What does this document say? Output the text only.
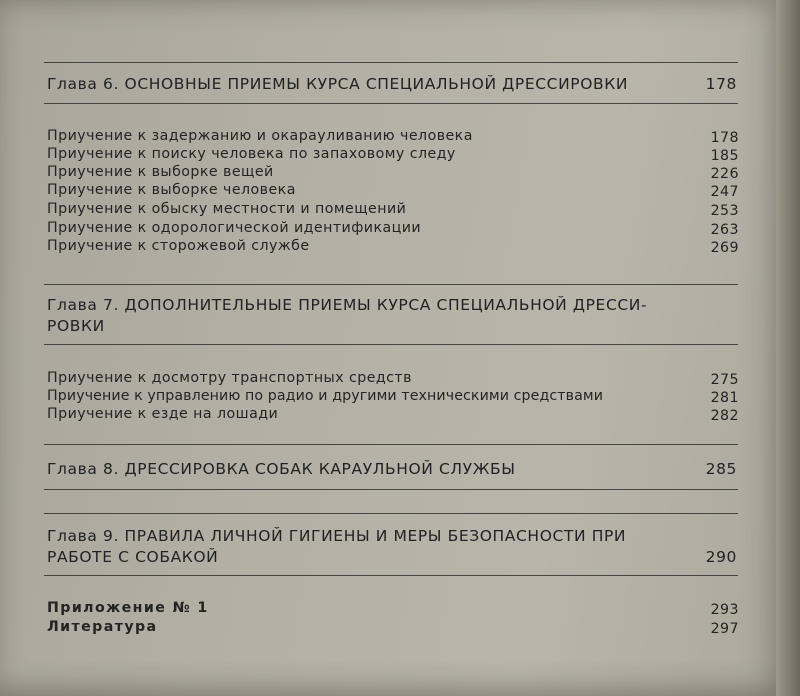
Глава 6. ОСНОВНЫЕ ПРИЕМЫ КУРСА СПЕЦИАЛЬНОЙ ДРЕССИРОВКИ	178
Приучение к задержанию и окарауливанию человека	178
Приучение к поиску человека по запаховому следу	185
Приучение к выборке вещей	226
Приучение к выборке человека	247
Приучение к обыску местности и помещений	253
Приучение к одорологической идентификации	263
Приучение к сторожевой службе	269
Глава 7. ДОПОЛНИТЕЛЬНЫЕ ПРИЕМЫ КУРСА СПЕЦИАЛЬНОЙ ДРЕССИ-
РОВКИ
Приучение к досмотру транспортных средств	275
Приучение к управлению по радио и другими техническими средствами	281
Приучение к езде на лошади	282
Глава 8. ДРЕССИРОВКА СОБАК КАРАУЛЬНОЙ СЛУЖБЫ	285
Глава 9. ПРАВИЛА ЛИЧНОЙ ГИГИЕНЫ И МЕРЫ БЕЗОПАСНОСТИ ПРИ
РАБОТЕ С СОБАКОЙ	290
Приложение № 1	293
Литература	297
